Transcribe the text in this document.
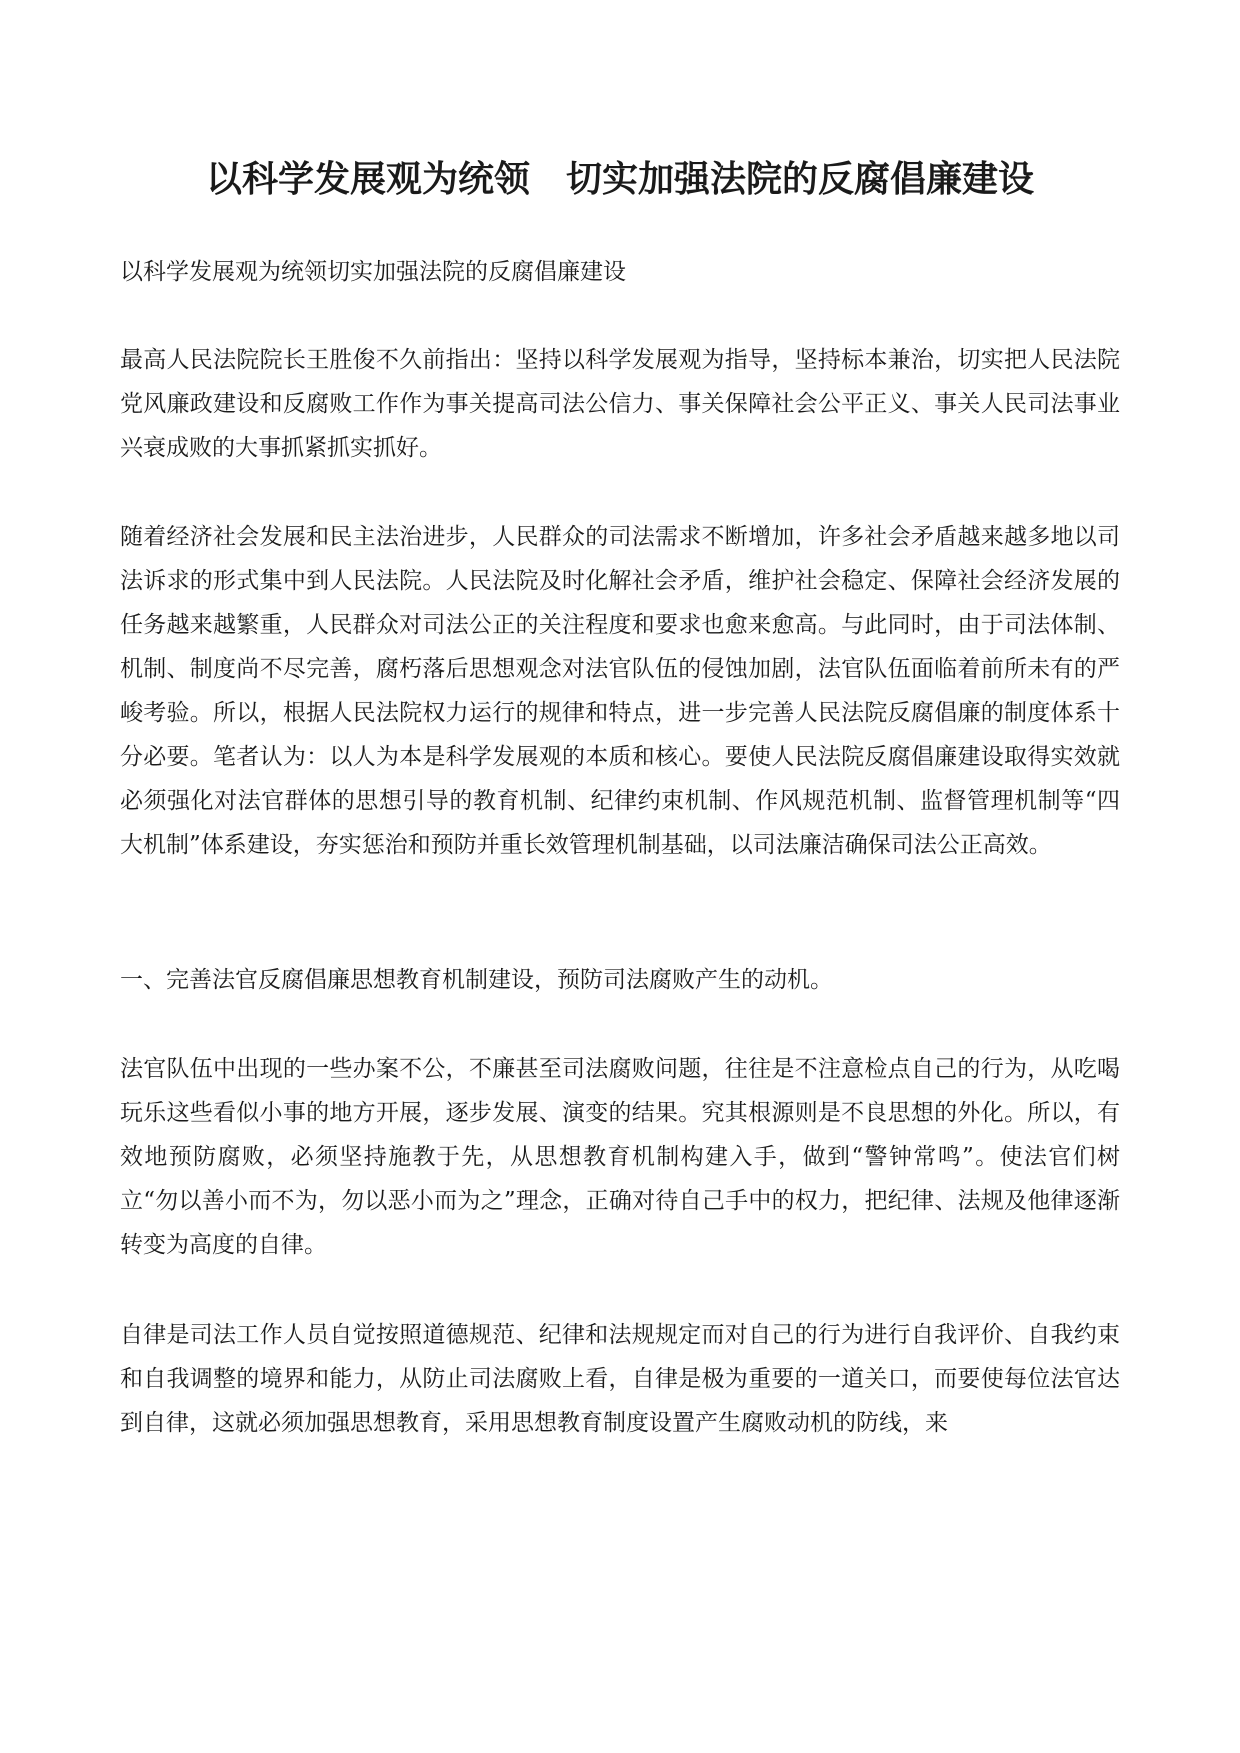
以科学发展观为统领 切实加强法院的反腐倡廉建设

以科学发展观为统领切实加强法院的反腐倡廉建设

最高人民法院院长王胜俊不久前指出：坚持以科学发展观为指导，坚持标本兼治，切实把人民法院党风廉政建设和反腐败工作作为事关提高司法公信力、事关保障社会公平正义、事关人民司法事业兴衰成败的大事抓紧抓实抓好。

随着经济社会发展和民主法治进步，人民群众的司法需求不断增加，许多社会矛盾越来越多地以司法诉求的形式集中到人民法院。人民法院及时化解社会矛盾，维护社会稳定、保障社会经济发展的任务越来越繁重，人民群众对司法公正的关注程度和要求也愈来愈高。与此同时，由于司法体制、机制、制度尚不尽完善，腐朽落后思想观念对法官队伍的侵蚀加剧，法官队伍面临着前所未有的严峻考验。所以，根据人民法院权力运行的规律和特点，进一步完善人民法院反腐倡廉的制度体系十分必要。笔者认为：以人为本是科学发展观的本质和核心。要使人民法院反腐倡廉建设取得实效就必须强化对法官群体的思想引导的教育机制、纪律约束机制、作风规范机制、监督管理机制等“四大机制”体系建设，夯实惩治和预防并重长效管理机制基础，以司法廉洁确保司法公正高效。

一、完善法官反腐倡廉思想教育机制建设，预防司法腐败产生的动机。

法官队伍中出现的一些办案不公，不廉甚至司法腐败问题，往往是不注意检点自己的行为，从吃喝玩乐这些看似小事的地方开展，逐步发展、演变的结果。究其根源则是不良思想的外化。所以，有效地预防腐败，必须坚持施教于先，从思想教育机制构建入手，做到“警钟常鸣”。使法官们树立“勿以善小而不为，勿以恶小而为之”理念，正确对待自己手中的权力，把纪律、法规及他律逐渐转变为高度的自律。

自律是司法工作人员自觉按照道德规范、纪律和法规规定而对自己的行为进行自我评价、自我约束和自我调整的境界和能力，从防止司法腐败上看，自律是极为重要的一道关口，而要使每位法官达到自律，这就必须加强思想教育，采用思想教育制度设置产生腐败动机的防线，来
